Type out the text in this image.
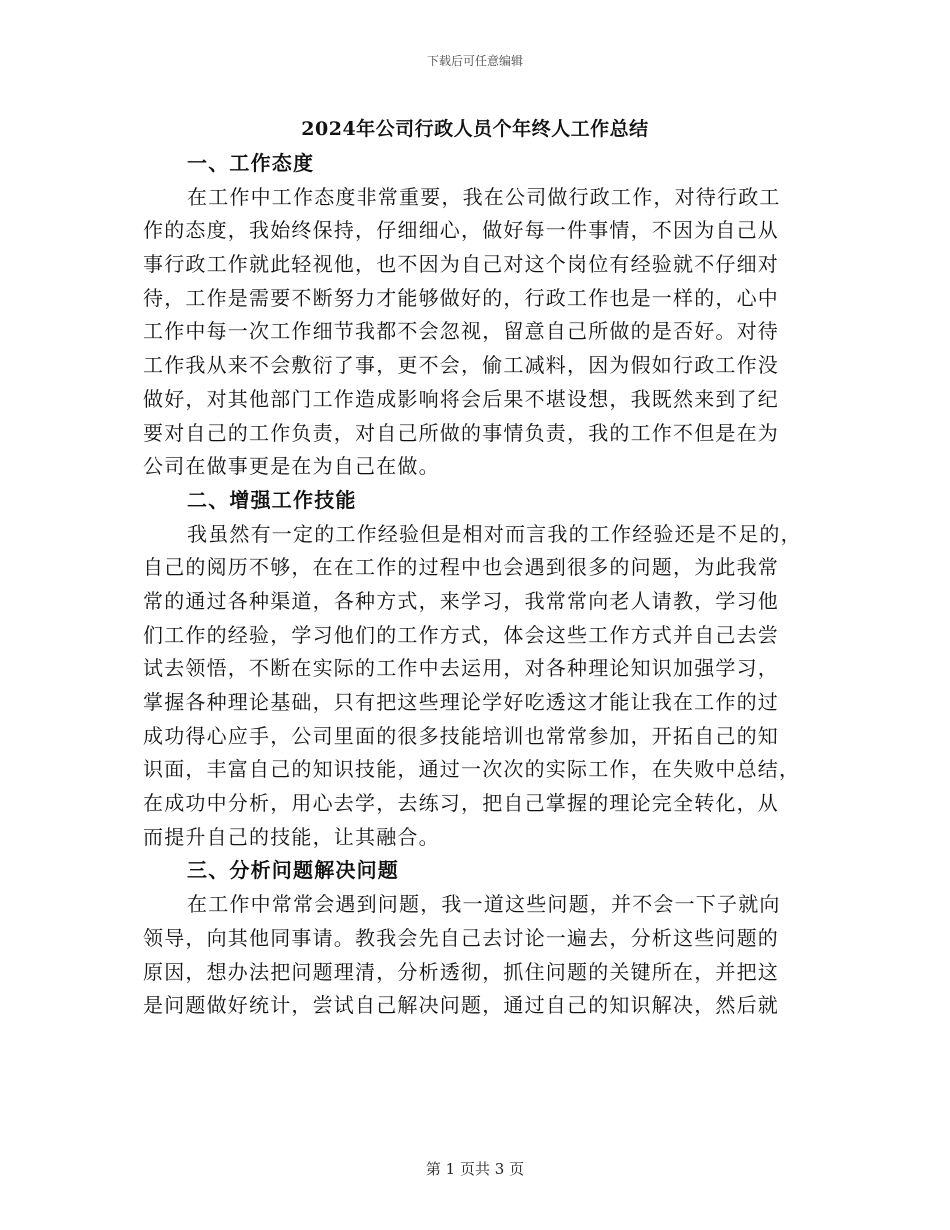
下载后可任意编辑
2024年公司行政人员个年终人工作总结

一、工作态度

在工作中工作态度非常重要，我在公司做行政工作，对待行政工

作的态度，我始终保持，仔细细心，做好每一件事情，不因为自己从

事行政工作就此轻视他，也不因为自己对这个岗位有经验就不仔细对

待，工作是需要不断努力才能够做好的，行政工作也是一样的，心中

工作中每一次工作细节我都不会忽视，留意自己所做的是否好。对待

工作我从来不会敷衍了事，更不会，偷工减料，因为假如行政工作没

做好，对其他部门工作造成影响将会后果不堪设想，我既然来到了纪

要对自己的工作负责，对自己所做的事情负责，我的工作不但是在为

公司在做事更是在为自己在做。

二、增强工作技能

我虽然有一定的工作经验但是相对而言我的工作经验还是不足的，

自己的阅历不够，在在工作的过程中也会遇到很多的问题，为此我常

常的通过各种渠道，各种方式，来学习，我常常向老人请教，学习他

们工作的经验，学习他们的工作方式，体会这些工作方式并自己去尝

试去领悟，不断在实际的工作中去运用，对各种理论知识加强学习，

掌握各种理论基础，只有把这些理论学好吃透这才能让我在工作的过

成功得心应手，公司里面的很多技能培训也常常参加，开拓自己的知

识面，丰富自己的知识技能，通过一次次的实际工作，在失败中总结，

在成功中分析，用心去学，去练习，把自己掌握的理论完全转化，从

而提升自己的技能，让其融合。

三、分析问题解决问题

在工作中常常会遇到问题，我一道这些问题，并不会一下子就向

领导，向其他同事请。教我会先自己去讨论一遍去，分析这些问题的

原因，想办法把问题理清，分析透彻，抓住问题的关键所在，并把这

是问题做好统计，尝试自己解决问题，通过自己的知识解决，然后就

第 1 页共 3 页
